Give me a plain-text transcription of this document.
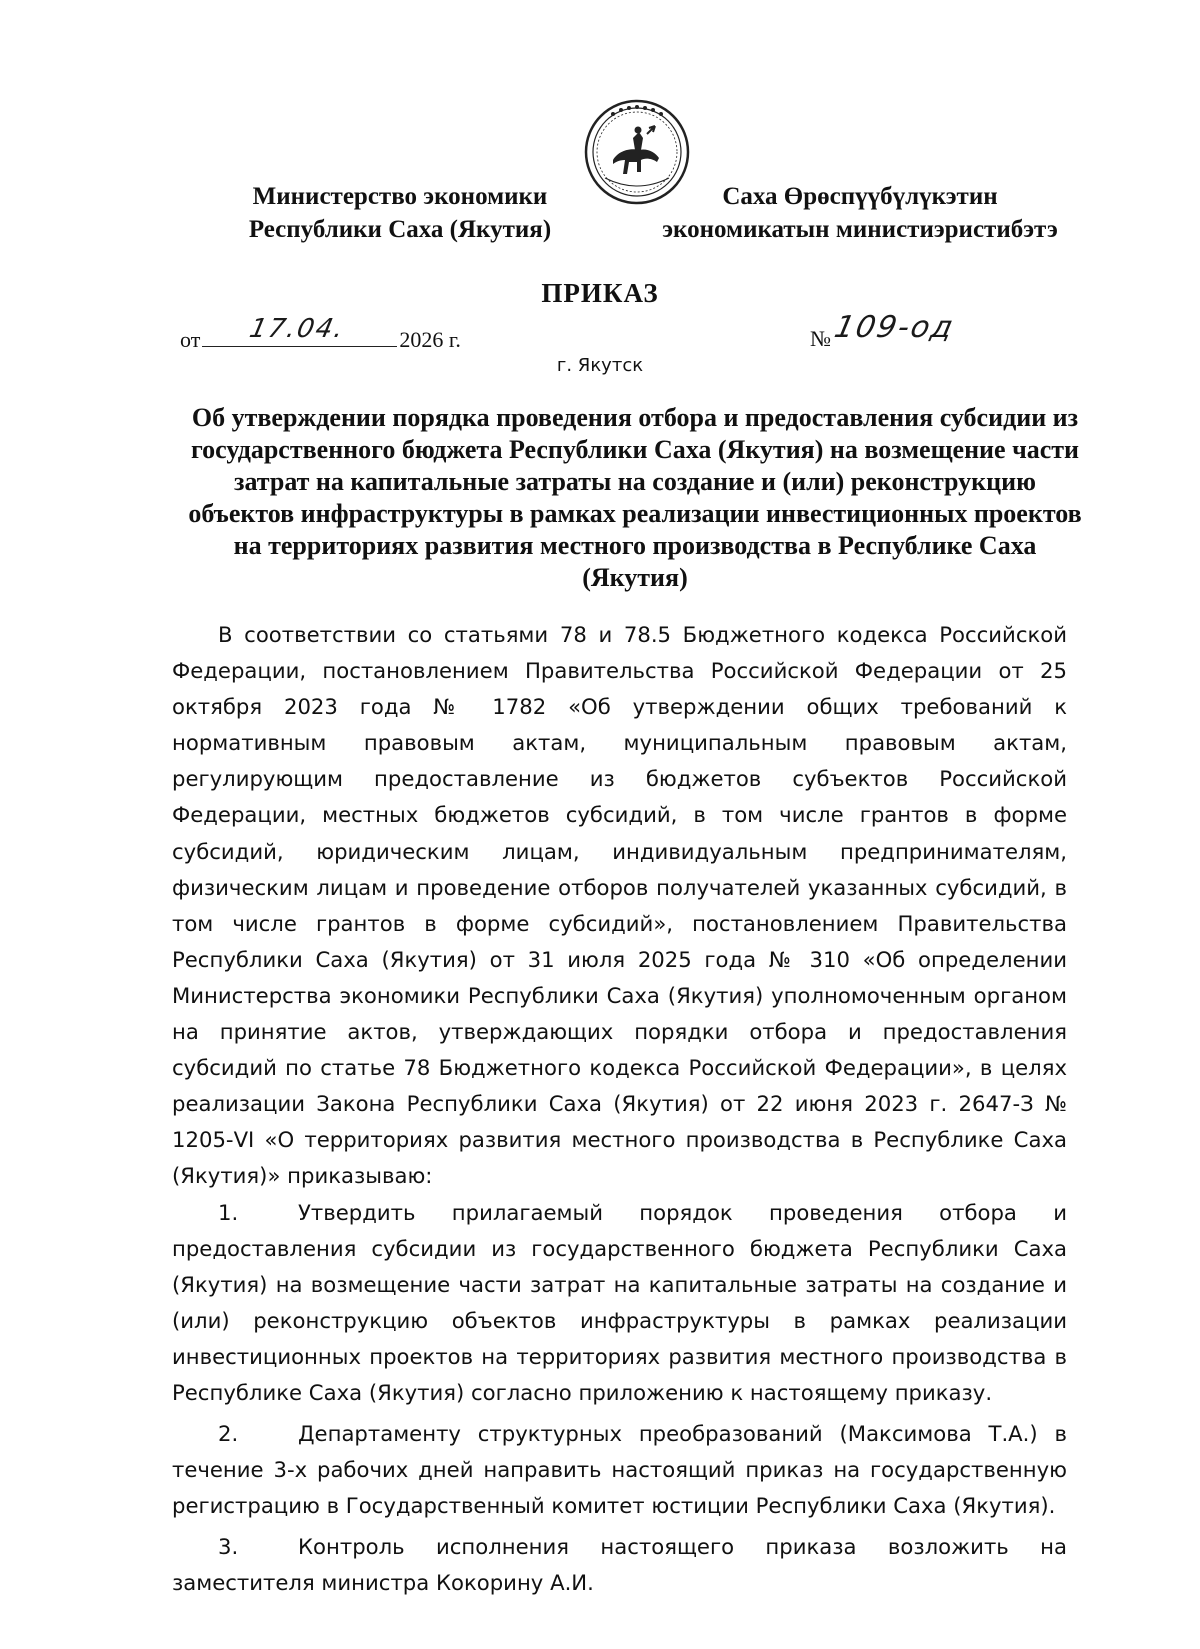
Министерство экономики
Республики Саха (Якутия)
Саха Өрөспүүбүлүкэтин
экономикатын министиэристибэтэ
ПРИКАЗ
от 17.04. 2026 г.	№ 109-од
г. Якутск
Об утверждении порядка проведения отбора и предоставления субсидии из государственного бюджета Республики Саха (Якутия) на возмещение части затрат на капитальные затраты на создание и (или) реконструкцию объектов инфраструктуры в рамках реализации инвестиционных проектов на территориях развития местного производства в Республике Саха (Якутия)

В соответствии со статьями 78 и 78.5 Бюджетного кодекса Российской Федерации, постановлением Правительства Российской Федерации от 25 октября 2023 года № 1782 «Об утверждении общих требований к нормативным правовым актам, муниципальным правовым актам, регулирующим предоставление из бюджетов субъектов Российской Федерации, местных бюджетов субсидий, в том числе грантов в форме субсидий, юридическим лицам, индивидуальным предпринимателям, физическим лицам и проведение отборов получателей указанных субсидий, в том числе грантов в форме субсидий», постановлением Правительства Республики Саха (Якутия) от 31 июля 2025 года № 310 «Об определении Министерства экономики Республики Саха (Якутия) уполномоченным органом на принятие актов, утверждающих порядки отбора и предоставления субсидий по статье 78 Бюджетного кодекса Российской Федерации», в целях реализации Закона Республики Саха (Якутия) от 22 июня 2023 г. 2647-З № 1205-VI «О территориях развития местного производства в Республике Саха (Якутия)» приказываю:

1.	Утвердить прилагаемый порядок проведения отбора и предоставления субсидии из государственного бюджета Республики Саха (Якутия) на возмещение части затрат на капитальные затраты на создание и (или) реконструкцию объектов инфраструктуры в рамках реализации инвестиционных проектов на территориях развития местного производства в Республике Саха (Якутия) согласно приложению к настоящему приказу.

2.	Департаменту структурных преобразований (Максимова Т.А.) в течение 3-х рабочих дней направить настоящий приказ на государственную регистрацию в Государственный комитет юстиции Республики Саха (Якутия).

3.	Контроль исполнения настоящего приказа возложить на заместителя министра Кокорину А.И.
